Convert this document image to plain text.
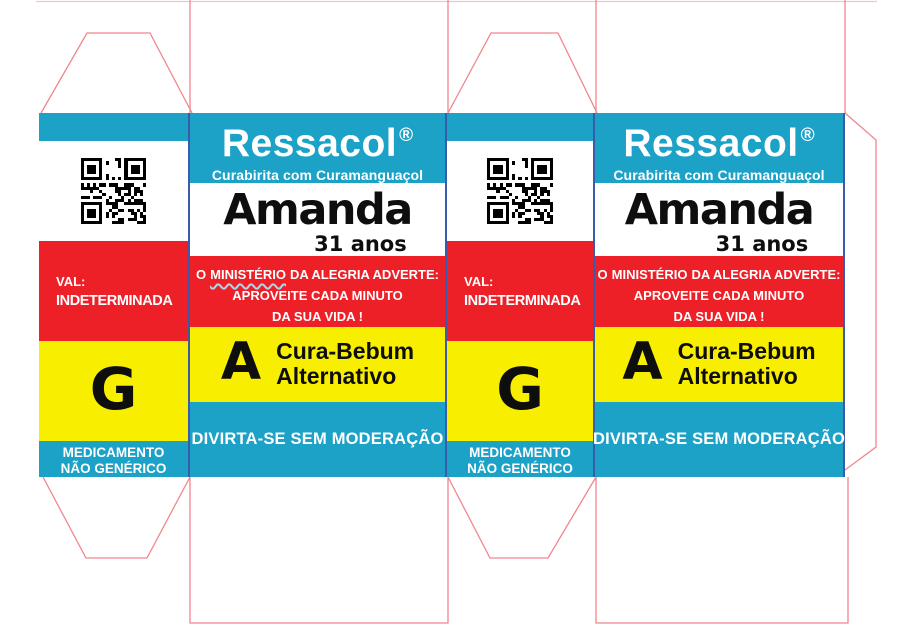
VAL:
INDETERMINADA
G
MEDICAMENTO
NÃO GENÉRICO
Ressacol ®
Curabirita com Curamanguaçol
Amanda
31 anos
O MINISTÉRIO DA ALEGRIA ADVERTE:
APROVEITE CADA MINUTO
DA SUA VIDA !
A Cura-Bebum
Alternativo
DIVIRTA-SE SEM MODERAÇÃO
VAL:
INDETERMINADA
G
MEDICAMENTO
NÃO GENÉRICO
Ressacol ®
Curabirita com Curamanguaçol
Amanda
31 anos
O MINISTÉRIO DA ALEGRIA ADVERTE:
APROVEITE CADA MINUTO
DA SUA VIDA !
A Cura-Bebum
Alternativo
DIVIRTA-SE SEM MODERAÇÃO
